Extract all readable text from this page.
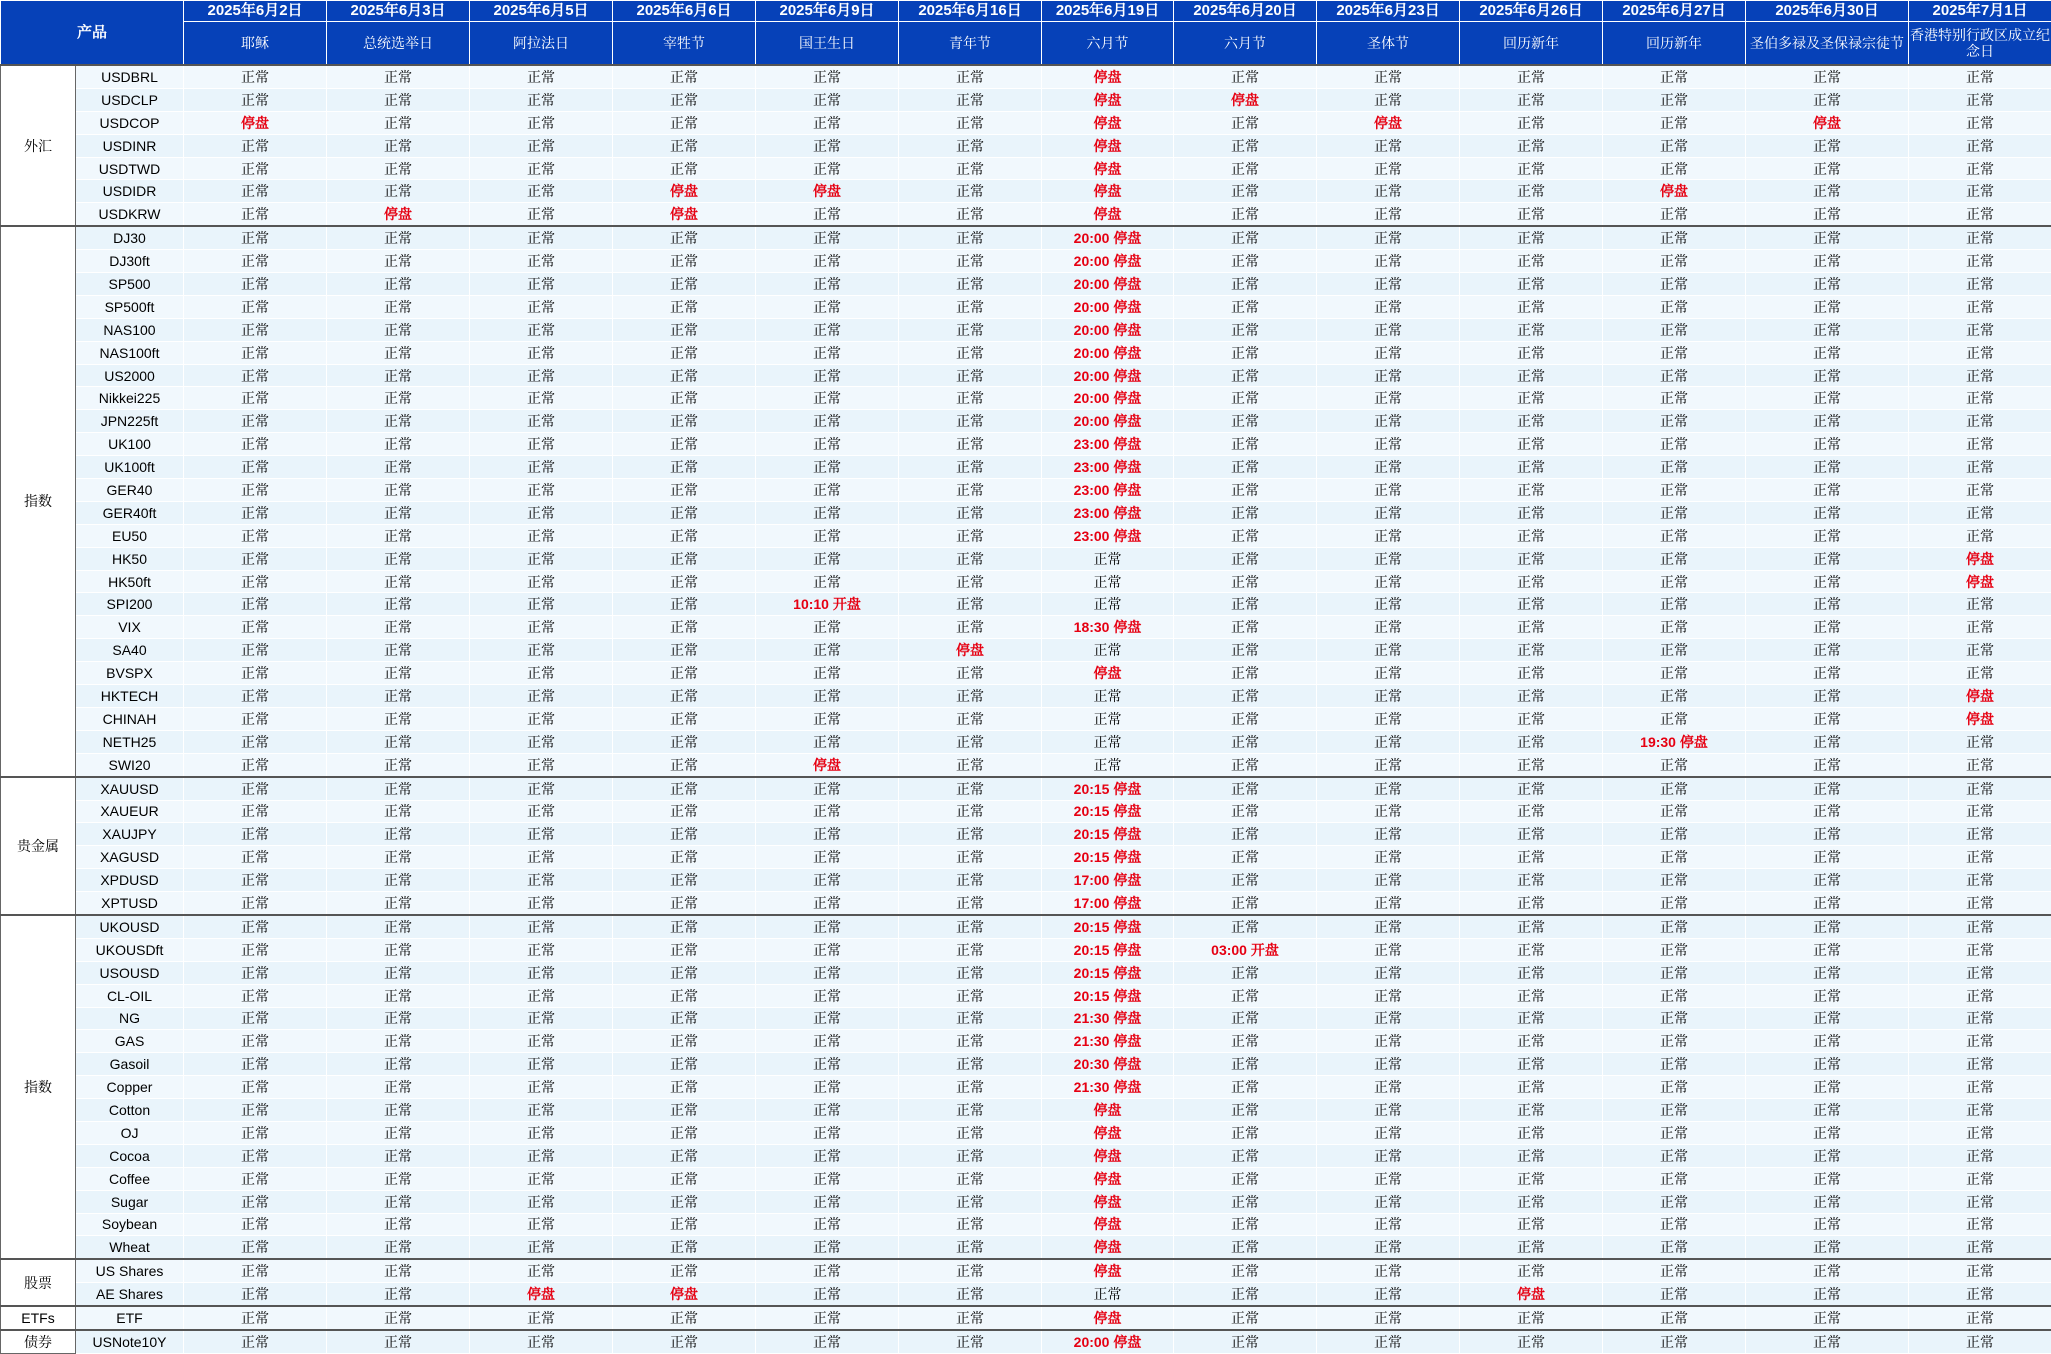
产品		2025年6月2日	2025年6月3日	2025年6月5日	2025年6月6日	2025年6月9日	2025年6月16日	2025年6月19日	2025年6月20日	2025年6月23日	2025年6月26日	2025年6月27日	2025年6月30日	2025年7月1日
		耶稣	总统选举日	阿拉法日	宰牲节	国王生日	青年节	六月节	六月节	圣体节	回历新年	回历新年	圣伯多禄及圣保禄宗徒节	香港特别行政区成立纪念日
外汇	USDBRL	正常	正常	正常	正常	正常	正常	停盘	正常	正常	正常	正常	正常	正常
	USDCLP	正常	正常	正常	正常	正常	正常	停盘	停盘	正常	正常	正常	正常	正常
	USDCOP	停盘	正常	正常	正常	正常	正常	停盘	正常	停盘	正常	正常	停盘	正常
	USDINR	正常	正常	正常	正常	正常	正常	停盘	正常	正常	正常	正常	正常	正常
	USDTWD	正常	正常	正常	正常	正常	正常	停盘	正常	正常	正常	正常	正常	正常
	USDIDR	正常	正常	正常	停盘	停盘	正常	停盘	正常	正常	正常	停盘	正常	正常
	USDKRW	正常	停盘	正常	停盘	正常	正常	停盘	正常	正常	正常	正常	正常	正常
指数	DJ30	正常	正常	正常	正常	正常	正常	20:00 停盘	正常	正常	正常	正常	正常	正常
	DJ30ft	正常	正常	正常	正常	正常	正常	20:00 停盘	正常	正常	正常	正常	正常	正常
	SP500	正常	正常	正常	正常	正常	正常	20:00 停盘	正常	正常	正常	正常	正常	正常
	SP500ft	正常	正常	正常	正常	正常	正常	20:00 停盘	正常	正常	正常	正常	正常	正常
	NAS100	正常	正常	正常	正常	正常	正常	20:00 停盘	正常	正常	正常	正常	正常	正常
	NAS100ft	正常	正常	正常	正常	正常	正常	20:00 停盘	正常	正常	正常	正常	正常	正常
	US2000	正常	正常	正常	正常	正常	正常	20:00 停盘	正常	正常	正常	正常	正常	正常
	Nikkei225	正常	正常	正常	正常	正常	正常	20:00 停盘	正常	正常	正常	正常	正常	正常
	JPN225ft	正常	正常	正常	正常	正常	正常	20:00 停盘	正常	正常	正常	正常	正常	正常
	UK100	正常	正常	正常	正常	正常	正常	23:00 停盘	正常	正常	正常	正常	正常	正常
	UK100ft	正常	正常	正常	正常	正常	正常	23:00 停盘	正常	正常	正常	正常	正常	正常
	GER40	正常	正常	正常	正常	正常	正常	23:00 停盘	正常	正常	正常	正常	正常	正常
	GER40ft	正常	正常	正常	正常	正常	正常	23:00 停盘	正常	正常	正常	正常	正常	正常
	EU50	正常	正常	正常	正常	正常	正常	23:00 停盘	正常	正常	正常	正常	正常	正常
	HK50	正常	正常	正常	正常	正常	正常	正常	正常	正常	正常	正常	正常	停盘
	HK50ft	正常	正常	正常	正常	正常	正常	正常	正常	正常	正常	正常	正常	停盘
	SPI200	正常	正常	正常	正常	10:10 开盘	正常	正常	正常	正常	正常	正常	正常	正常
	VIX	正常	正常	正常	正常	正常	正常	18:30 停盘	正常	正常	正常	正常	正常	正常
	SA40	正常	正常	正常	正常	正常	停盘	正常	正常	正常	正常	正常	正常	正常
	BVSPX	正常	正常	正常	正常	正常	正常	停盘	正常	正常	正常	正常	正常	正常
	HKTECH	正常	正常	正常	正常	正常	正常	正常	正常	正常	正常	正常	正常	停盘
	CHINAH	正常	正常	正常	正常	正常	正常	正常	正常	正常	正常	正常	正常	停盘
	NETH25	正常	正常	正常	正常	正常	正常	正常	正常	正常	正常	19:30 停盘	正常	正常
	SWI20	正常	正常	正常	正常	停盘	正常	正常	正常	正常	正常	正常	正常	正常
贵金属	XAUUSD	正常	正常	正常	正常	正常	正常	20:15 停盘	正常	正常	正常	正常	正常	正常
	XAUEUR	正常	正常	正常	正常	正常	正常	20:15 停盘	正常	正常	正常	正常	正常	正常
	XAUJPY	正常	正常	正常	正常	正常	正常	20:15 停盘	正常	正常	正常	正常	正常	正常
	XAGUSD	正常	正常	正常	正常	正常	正常	20:15 停盘	正常	正常	正常	正常	正常	正常
	XPDUSD	正常	正常	正常	正常	正常	正常	17:00 停盘	正常	正常	正常	正常	正常	正常
	XPTUSD	正常	正常	正常	正常	正常	正常	17:00 停盘	正常	正常	正常	正常	正常	正常
指数	UKOUSD	正常	正常	正常	正常	正常	正常	20:15 停盘	正常	正常	正常	正常	正常	正常
	UKOUSDft	正常	正常	正常	正常	正常	正常	20:15 停盘	03:00 开盘	正常	正常	正常	正常	正常
	USOUSD	正常	正常	正常	正常	正常	正常	20:15 停盘	正常	正常	正常	正常	正常	正常
	CL-OIL	正常	正常	正常	正常	正常	正常	20:15 停盘	正常	正常	正常	正常	正常	正常
	NG	正常	正常	正常	正常	正常	正常	21:30 停盘	正常	正常	正常	正常	正常	正常
	GAS	正常	正常	正常	正常	正常	正常	21:30 停盘	正常	正常	正常	正常	正常	正常
	Gasoil	正常	正常	正常	正常	正常	正常	20:30 停盘	正常	正常	正常	正常	正常	正常
	Copper	正常	正常	正常	正常	正常	正常	21:30 停盘	正常	正常	正常	正常	正常	正常
	Cotton	正常	正常	正常	正常	正常	正常	停盘	正常	正常	正常	正常	正常	正常
	OJ	正常	正常	正常	正常	正常	正常	停盘	正常	正常	正常	正常	正常	正常
	Cocoa	正常	正常	正常	正常	正常	正常	停盘	正常	正常	正常	正常	正常	正常
	Coffee	正常	正常	正常	正常	正常	正常	停盘	正常	正常	正常	正常	正常	正常
	Sugar	正常	正常	正常	正常	正常	正常	停盘	正常	正常	正常	正常	正常	正常
	Soybean	正常	正常	正常	正常	正常	正常	停盘	正常	正常	正常	正常	正常	正常
	Wheat	正常	正常	正常	正常	正常	正常	停盘	正常	正常	正常	正常	正常	正常
股票	US Shares	正常	正常	正常	正常	正常	正常	停盘	正常	正常	正常	正常	正常	正常
	AE Shares	正常	正常	停盘	停盘	正常	正常	正常	正常	正常	停盘	正常	正常	正常
ETFs	ETF	正常	正常	正常	正常	正常	正常	停盘	正常	正常	正常	正常	正常	正常
债券	USNote10Y	正常	正常	正常	正常	正常	正常	20:00 停盘	正常	正常	正常	正常	正常	正常
